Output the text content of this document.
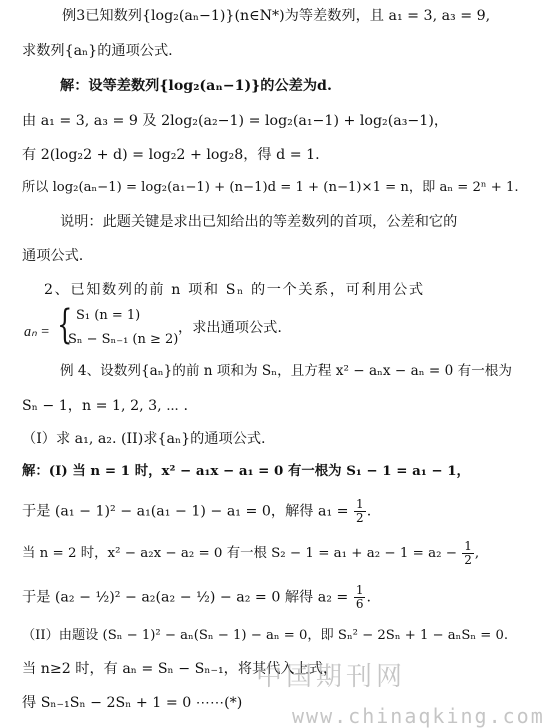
例3已知数列{log₂(aₙ−1)}(n∈N*)为等差数列，且 a₁ = 3, a₃ = 9,
求数列{aₙ}的通项公式.
解：设等差数列{log₂(aₙ−1)}的公差为d.
由 a₁ = 3, a₃ = 9 及 2log₂(a₂−1) = log₂(a₁−1) + log₂(a₃−1)，
有 2(log₂2 + d) = log₂2 + log₂8，得 d = 1.
所以 log₂(aₙ−1) = log₂(a₁−1) + (n−1)d = 1 + (n−1)×1 = n，即 aₙ = 2ⁿ + 1.
说明：此题关键是求出已知给出的等差数列的首项，公差和它的
通项公式.
2、已知数列的前 n 项和 Sₙ 的一个关系，可利用公式
aₙ = { S₁ (n = 1)
Sₙ − Sₙ₋₁ (n ≥ 2)
，求出通项公式.
例 4、设数列{aₙ}的前 n 项和为 Sₙ，且方程 x² − aₙx − aₙ = 0 有一根为
Sₙ − 1，n = 1, 2, 3, ⋯ .
（I）求 a₁, a₂. (II)求{aₙ}的通项公式.
解：(I) 当 n = 1 时，x² − a₁x − a₁ = 0 有一根为 S₁ − 1 = a₁ − 1，
于是 (a₁ − 1)² − a₁(a₁ − 1) − a₁ = 0，解得 $a_1 = \frac{1}{2}$ .
当 n = 2 时，x² − a₂x − a₂ = 0 有一根 $S_2 - 1 = a_1 + a_2 - 1 = a_2 - \frac{1}{2}$ ,
于是 (a₂ − ½)² − a₂(a₂ − ½) − a₂ = 0 解得 $a_2 = \frac{1}{6}$ .
（II）由题设 (Sₙ − 1)² − aₙ(Sₙ − 1) − aₙ = 0，即 Sₙ² − 2Sₙ + 1 − aₙSₙ = 0.
当 n≥2 时，有 aₙ = Sₙ − Sₙ₋₁，将其代入上式，
得 Sₙ₋₁Sₙ − 2Sₙ + 1 = 0 ⋯⋯(*)
中国期刊网
www.chinaqking.com
